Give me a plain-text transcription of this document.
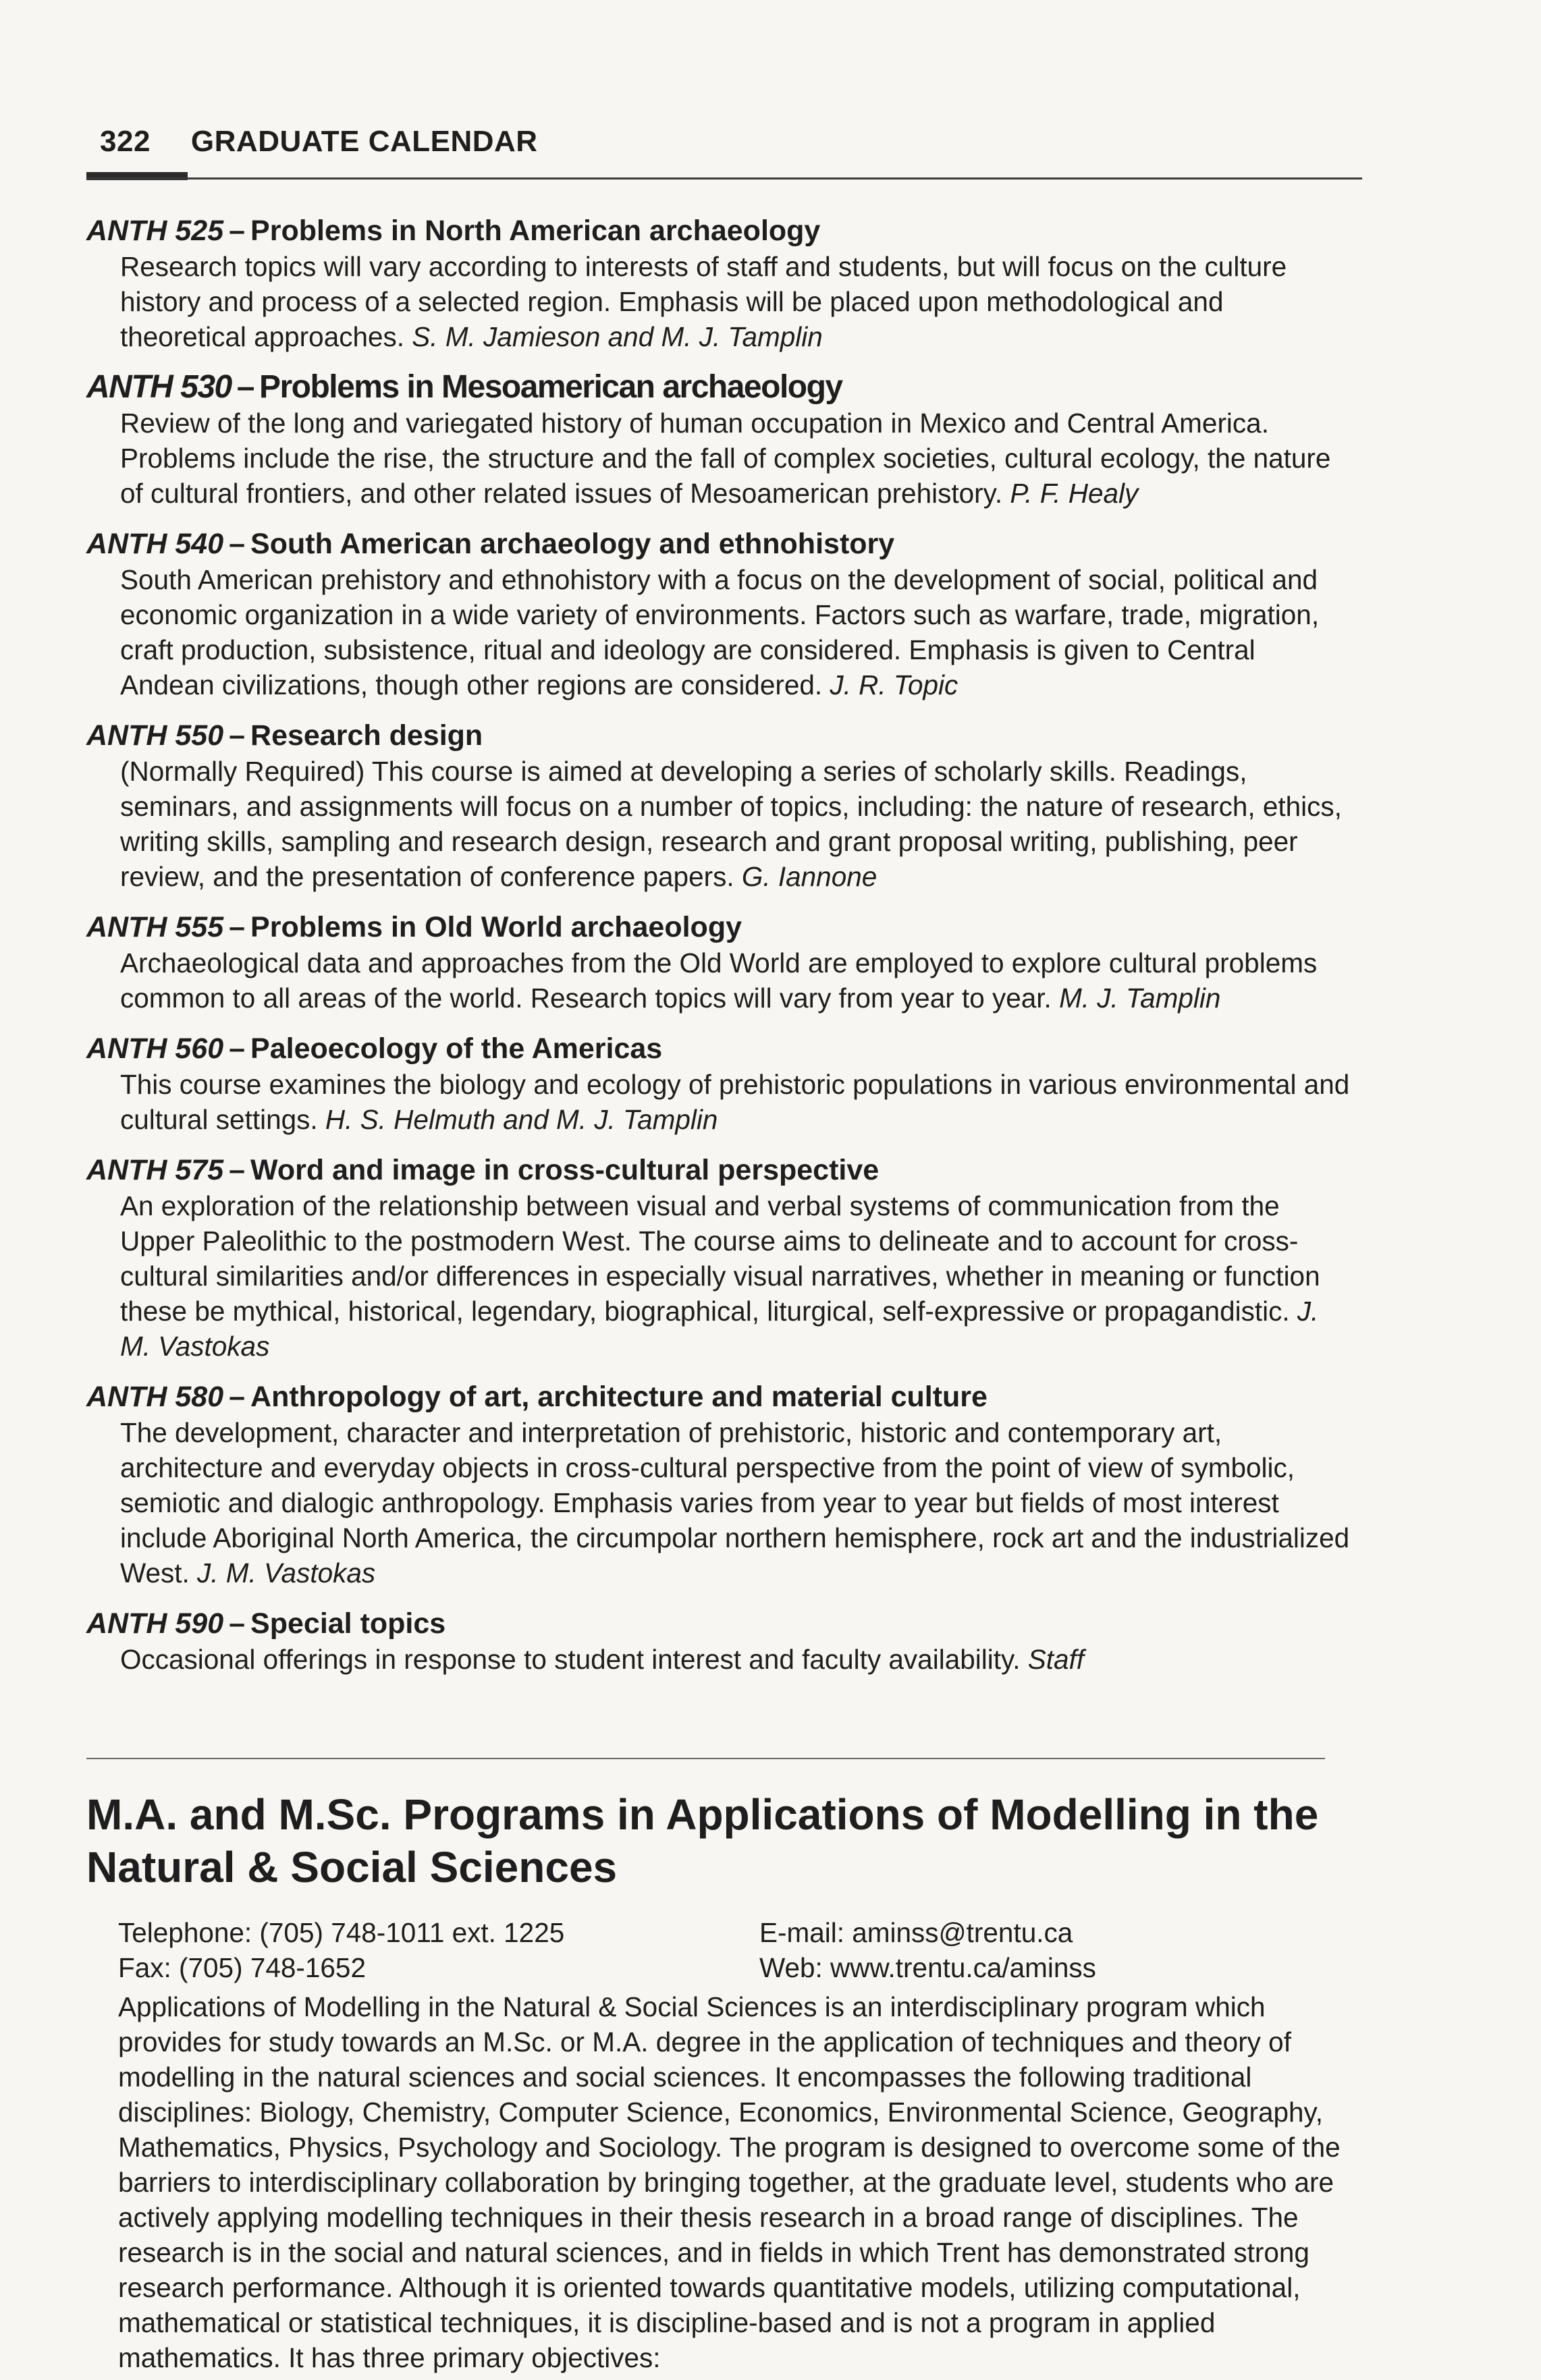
322 GRADUATE CALENDAR
ANTH 525 – Problems in North American archaeology
Research topics will vary according to interests of staff and students, but will focus on the culture history and process of a selected region. Emphasis will be placed upon methodological and theoretical approaches. S. M. Jamieson and M. J. Tamplin
ANTH 530 – Problems in Mesoamerican archaeology
Review of the long and variegated history of human occupation in Mexico and Central America. Problems include the rise, the structure and the fall of complex societies, cultural ecology, the nature of cultural frontiers, and other related issues of Mesoamerican prehistory. P. F. Healy
ANTH 540 – South American archaeology and ethnohistory
South American prehistory and ethnohistory with a focus on the development of social, political and economic organization in a wide variety of environments. Factors such as warfare, trade, migration, craft production, subsistence, ritual and ideology are considered. Emphasis is given to Central Andean civilizations, though other regions are considered. J. R. Topic
ANTH 550 – Research design
(Normally Required) This course is aimed at developing a series of scholarly skills. Readings, seminars, and assignments will focus on a number of topics, including: the nature of research, ethics, writing skills, sampling and research design, research and grant proposal writing, publishing, peer review, and the presentation of conference papers. G. Iannone
ANTH 555 – Problems in Old World archaeology
Archaeological data and approaches from the Old World are employed to explore cultural problems common to all areas of the world. Research topics will vary from year to year. M. J. Tamplin
ANTH 560 – Paleoecology of the Americas
This course examines the biology and ecology of prehistoric populations in various environmental and cultural settings. H. S. Helmuth and M. J. Tamplin
ANTH 575 – Word and image in cross-cultural perspective
An exploration of the relationship between visual and verbal systems of communication from the Upper Paleolithic to the postmodern West. The course aims to delineate and to account for cross-cultural similarities and/or differences in especially visual narratives, whether in meaning or function these be mythical, historical, legendary, biographical, liturgical, self-expressive or propagandistic. J. M. Vastokas
ANTH 580 – Anthropology of art, architecture and material culture
The development, character and interpretation of prehistoric, historic and contemporary art, architecture and everyday objects in cross-cultural perspective from the point of view of symbolic, semiotic and dialogic anthropology. Emphasis varies from year to year but fields of most interest include Aboriginal North America, the circumpolar northern hemisphere, rock art and the industrialized West. J. M. Vastokas
ANTH 590 – Special topics
Occasional offerings in response to student interest and faculty availability. Staff
M.A. and M.Sc. Programs in Applications of Modelling in the Natural & Social Sciences
Telephone: (705) 748-1011 ext. 1225
Fax: (705) 748-1652
E-mail: aminss@trentu.ca
Web: www.trentu.ca/aminss
Applications of Modelling in the Natural & Social Sciences is an interdisciplinary program which provides for study towards an M.Sc. or M.A. degree in the application of techniques and theory of modelling in the natural sciences and social sciences. It encompasses the following traditional disciplines: Biology, Chemistry, Computer Science, Economics, Environmental Science, Geography, Mathematics, Physics, Psychology and Sociology. The program is designed to overcome some of the barriers to interdisciplinary collaboration by bringing together, at the graduate level, students who are actively applying modelling techniques in their thesis research in a broad range of disciplines. The research is in the social and natural sciences, and in fields in which Trent has demonstrated strong research performance. Although it is oriented towards quantitative models, utilizing computational, mathematical or statistical techniques, it is discipline-based and is not a program in applied mathematics. It has three primary objectives:
